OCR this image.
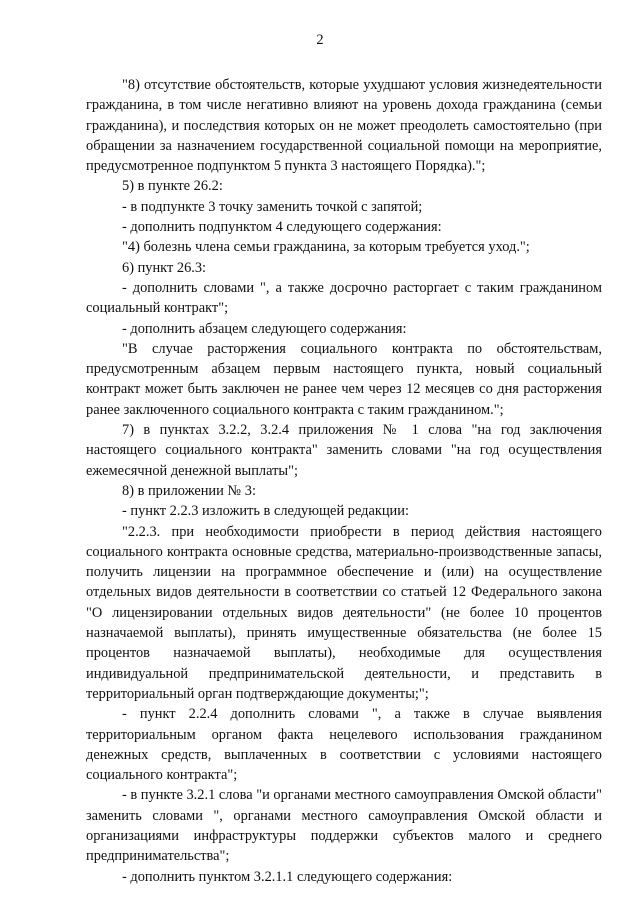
2

"8) отсутствие обстоятельств, которые ухудшают условия жизнедеятельности гражданина, в том числе негативно влияют на уровень дохода гражданина (семьи гражданина), и последствия которых он не может преодолеть самостоятельно (при обращении за назначением государственной социальной помощи на мероприятие, предусмотренное подпунктом 5 пункта 3 настоящего Порядка).";

5) в пункте 26.2:

- в подпункте 3 точку заменить точкой с запятой;

- дополнить подпунктом 4 следующего содержания:

"4) болезнь члена семьи гражданина, за которым требуется уход.";

6) пункт 26.3:

- дополнить словами ", а также досрочно расторгает с таким гражданином социальный контракт";

- дополнить абзацем следующего содержания:

"В случае расторжения социального контракта по обстоятельствам, предусмотренным абзацем первым настоящего пункта, новый социальный контракт может быть заключен не ранее чем через 12 месяцев со дня расторжения ранее заключенного социального контракта с таким гражданином.";

7) в пунктах 3.2.2, 3.2.4 приложения № 1 слова "на год заключения настоящего социального контракта" заменить словами "на год осуществления ежемесячной денежной выплаты";

8) в приложении № 3:

- пункт 2.2.3 изложить в следующей редакции:

"2.2.3. при необходимости приобрести в период действия настоящего социального контракта основные средства, материально-производственные запасы, получить лицензии на программное обеспечение и (или) на осуществление отдельных видов деятельности в соответствии со статьей 12 Федерального закона "О лицензировании отдельных видов деятельности" (не более 10 процентов назначаемой выплаты), принять имущественные обязательства (не более 15 процентов назначаемой выплаты), необходимые для осуществления индивидуальной предпринимательской деятельности, и представить в территориальный орган подтверждающие документы;";

- пункт 2.2.4 дополнить словами ", а также в случае выявления территориальным органом факта нецелевого использования гражданином денежных средств, выплаченных в соответствии с условиями настоящего социального контракта";

- в пункте 3.2.1 слова "и органами местного самоуправления Омской области" заменить словами ", органами местного самоуправления Омской области и организациями инфраструктуры поддержки субъектов малого и среднего предпринимательства";

- дополнить пунктом 3.2.1.1 следующего содержания:
